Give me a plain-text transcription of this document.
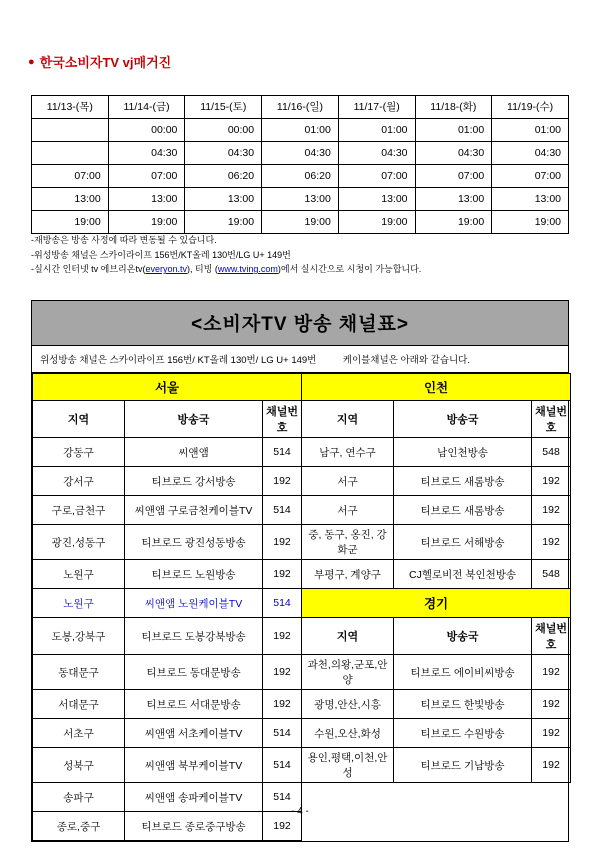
● 한국소비자TV vj매거진
11/13-(목)	11/14-(금)	11/15-(토)	11/16-(일)	11/17-(월)	11/18-(화)	11/19-(수)
	00:00	00:00	01:00	01:00	01:00	01:00
	04:30	04:30	04:30	04:30	04:30	04:30
07:00	07:00	06:20	06:20	07:00	07:00	07:00
13:00	13:00	13:00	13:00	13:00	13:00	13:00
19:00	19:00	19:00	19:00	19:00	19:00	19:00
-재방송은 방송 사정에 따라 변동될 수 있습니다.
-위성방송 채널은 스카이라이프 156번/KT올레 130번/LG U+ 149번
-실시간 인터넷 tv 에브리온tv(everyon.tv), 티빙 (www.tving.com)에서 실시간으로 시청이 가능합니다.
<소비자TV 방송 채널표>
위성방송 채널은 스카이라이프 156번/ KT올레 130번/ LG U+ 149번	케이블채널은 아래와 같습니다.
서울			인천		
지역	방송국	채널번호	지역	방송국	채널번호
강동구	씨앤앰	514	남구, 연수구	남인천방송	548
강서구	티브로드 강서방송	192	서구	티브로드 새롬방송	192
구로,금천구	씨앤앰 구로금천케이블TV	514	서구	티브로드 새롬방송	192
광진,성동구	티브로드 광진성동방송	192	중, 동구, 옹진, 강화군	티브로드 서해방송	192
노원구	티브로드 노원방송	192	부평구, 계양구	CJ헬로비전 북인천방송	548
노원구	씨앤앰 노원케이블TV	514	경기		
도봉,강북구	티브로드 도봉강북방송	192	지역	방송국	채널번호
동대문구	티브로드 동대문방송	192	과천,의왕,군포,안양	티브로드 에이비씨방송	192
서대문구	티브로드 서대문방송	192	광명,안산,시흥	티브로드 한빛방송	192
서초구	씨앤앰 서초케이블TV	514	수원,오산,화성	티브로드 수원방송	192
성북구	씨앤앰 북부케이블TV	514	용인,평택,이천,안성	티브로드 기남방송	192
송파구	씨앤앰 송파케이블TV	514			
종로,중구	티브로드 종로중구방송	192			
- 4 -
